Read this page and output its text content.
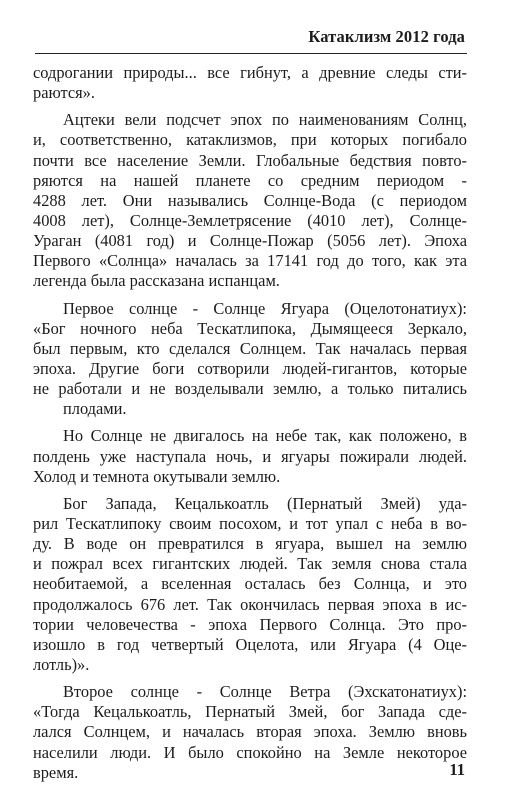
Катаклизм 2012 года
содрогании природы... все гибнут, а древние следы сти-
раются».
Ацтеки вели подсчет эпох по наименованиям Солнц,
и, соответственно, катаклизмов, при которых погибало
почти все население Земли. Глобальные бедствия повто-
ряются на нашей планете со средним периодом -
4288 лет. Они назывались Солнце-Вода (с периодом
4008 лет), Солнце-Землетрясение (4010 лет), Солнце-
Ураган (4081 год) и Солнце-Пожар (5056 лет). Эпоха
Первого «Солнца» началась за 17141 год до того, как эта
легенда была рассказана испанцам.
Первое солнце - Солнце Ягуара (Оцелотонатиух):
«Бог ночного неба Тескатлипока, Дымящееся Зеркало,
был первым, кто сделался Солнцем. Так началась первая
эпоха. Другие боги сотворили людей-гигантов, которые
не работали и не возделывали землю, а только питались
плодами.
Но Солнце не двигалось на небе так, как положено, в
полдень уже наступала ночь, и ягуары пожирали людей.
Холод и темнота окутывали землю.
Бог Запада, Кецалькоатль (Пернатый Змей) уда-
рил Тескатлипоку своим посохом, и тот упал с неба в во-
ду. В воде он превратился в ягуара, вышел на землю
и пожрал всех гигантских людей. Так земля снова стала
необитаемой, а вселенная осталась без Солнца, и это
продолжалось 676 лет. Так окончилась первая эпоха в ис-
тории человечества - эпоха Первого Солнца. Это про-
изошло в год четвертый Оцелота, или Ягуара (4 Оце-
лотль)».
Второе солнце - Солнце Ветра (Эхскатонатиух):
«Тогда Кецалькоатль, Пернатый Змей, бог Запада сде-
лался Солнцем, и началась вторая эпоха. Землю вновь
населили люди. И было спокойно на Земле некоторое
время.	11
